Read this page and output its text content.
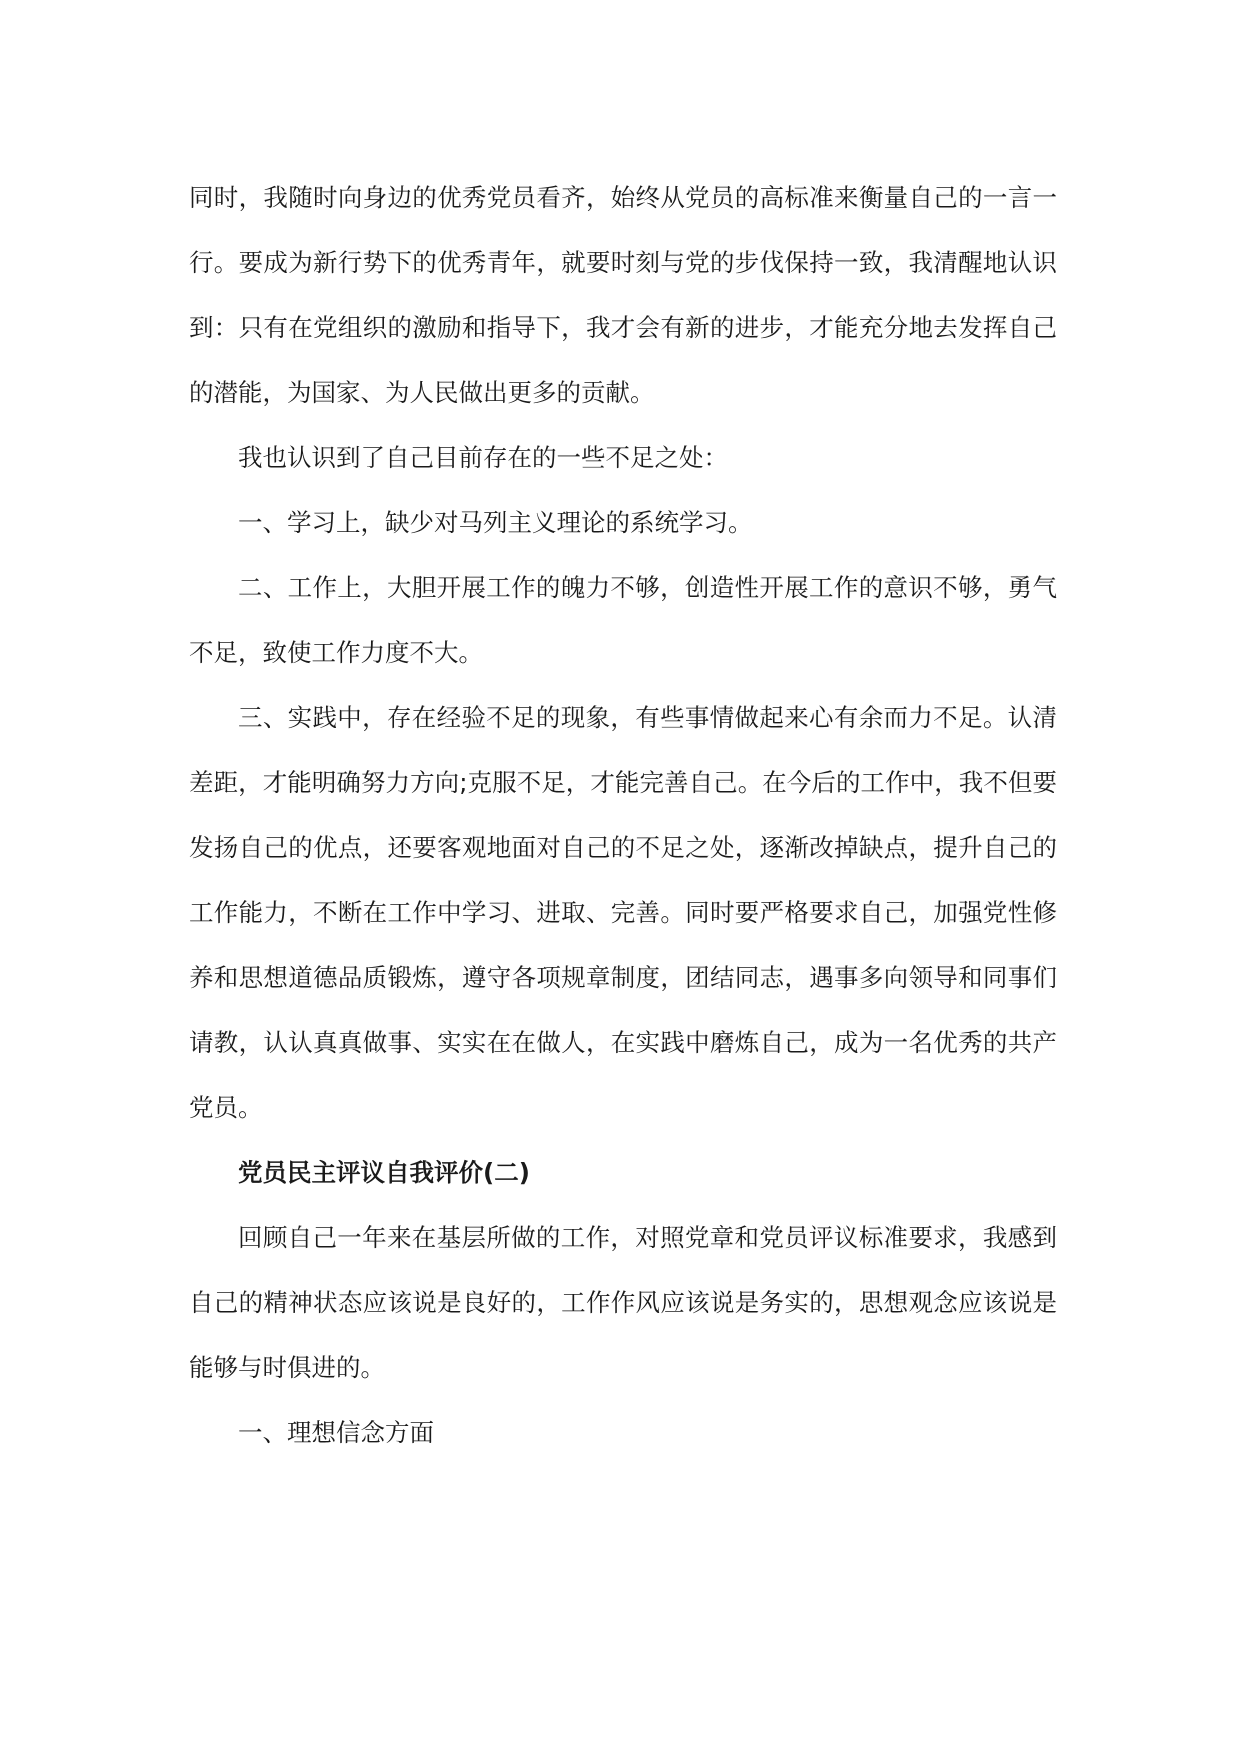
同时，我随时向身边的优秀党员看齐，始终从党员的高标准来衡量自己的一言一行。要成为新行势下的优秀青年，就要时刻与党的步伐保持一致，我清醒地认识到：只有在党组织的激励和指导下，我才会有新的进步，才能充分地去发挥自己的潜能，为国家、为人民做出更多的贡献。

我也认识到了自己目前存在的一些不足之处：

一、学习上，缺少对马列主义理论的系统学习。

二、工作上，大胆开展工作的魄力不够，创造性开展工作的意识不够，勇气不足，致使工作力度不大。

三、实践中，存在经验不足的现象，有些事情做起来心有余而力不足。认清差距，才能明确努力方向;克服不足，才能完善自己。在今后的工作中，我不但要发扬自己的优点，还要客观地面对自己的不足之处，逐渐改掉缺点，提升自己的工作能力，不断在工作中学习、进取、完善。同时要严格要求自己，加强党性修养和思想道德品质锻炼，遵守各项规章制度，团结同志，遇事多向领导和同事们请教，认认真真做事、实实在在做人，在实践中磨炼自己，成为一名优秀的共产党员。

党员民主评议自我评价(二)

回顾自己一年来在基层所做的工作，对照党章和党员评议标准要求，我感到自己的精神状态应该说是良好的，工作作风应该说是务实的，思想观念应该说是能够与时俱进的。

一、理想信念方面
